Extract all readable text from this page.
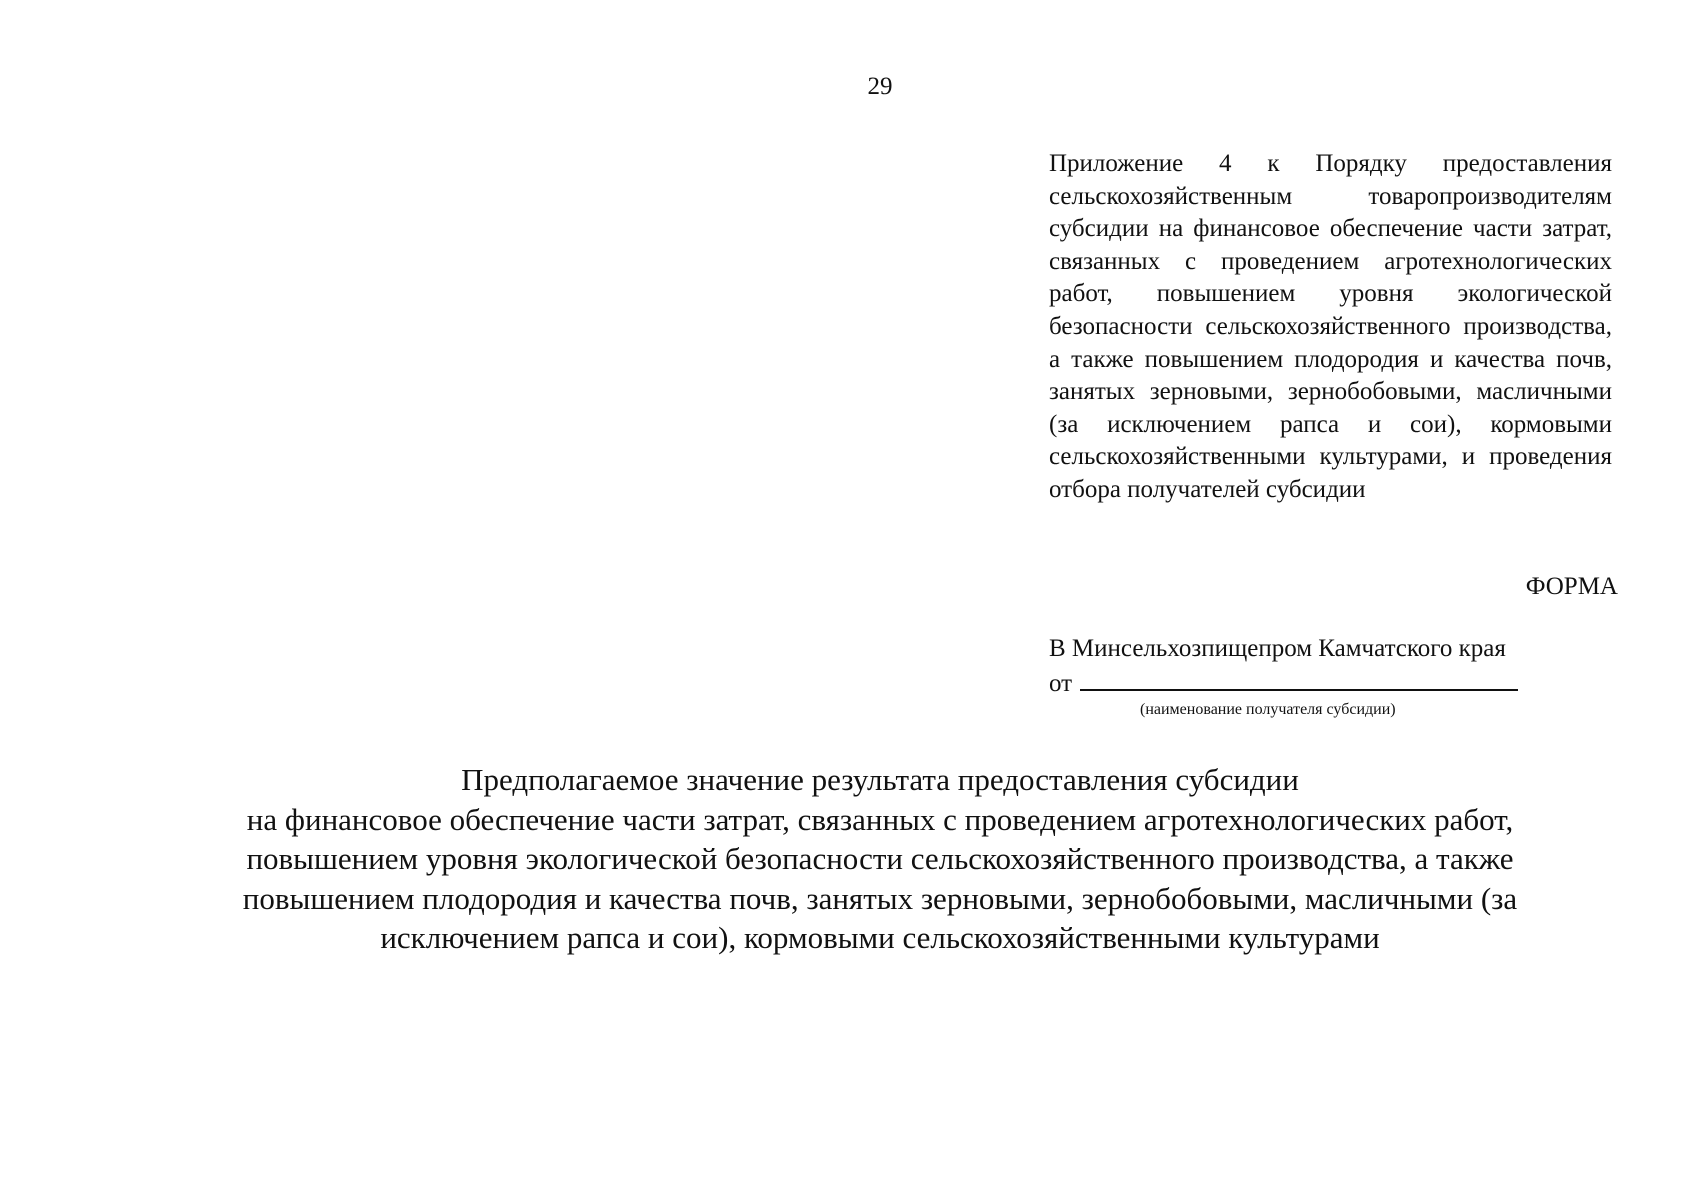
29
Приложение 4 к Порядку предоставления сельскохозяйственным товаропроизводителям субсидии на финансовое обеспечение части затрат, связанных с проведением агротехнологических работ, повышением уровня экологической безопасности сельскохозяйственного производства, а также повышением плодородия и качества почв, занятых зерновыми, зернобобовыми, масличными (за исключением рапса и сои), кормовыми сельскохозяйственными культурами, и проведения отбора получателей субсидии
ФОРМА
В Минсельхозпищепром Камчатского края
от
(наименование получателя субсидии)
Предполагаемое значение результата предоставления субсидии
на финансовое обеспечение части затрат, связанных с проведением агротехнологических работ,
повышением уровня экологической безопасности сельскохозяйственного производства, а также
повышением плодородия и качества почв, занятых зерновыми, зернобобовыми, масличными (за
исключением рапса и сои), кормовыми сельскохозяйственными культурами
